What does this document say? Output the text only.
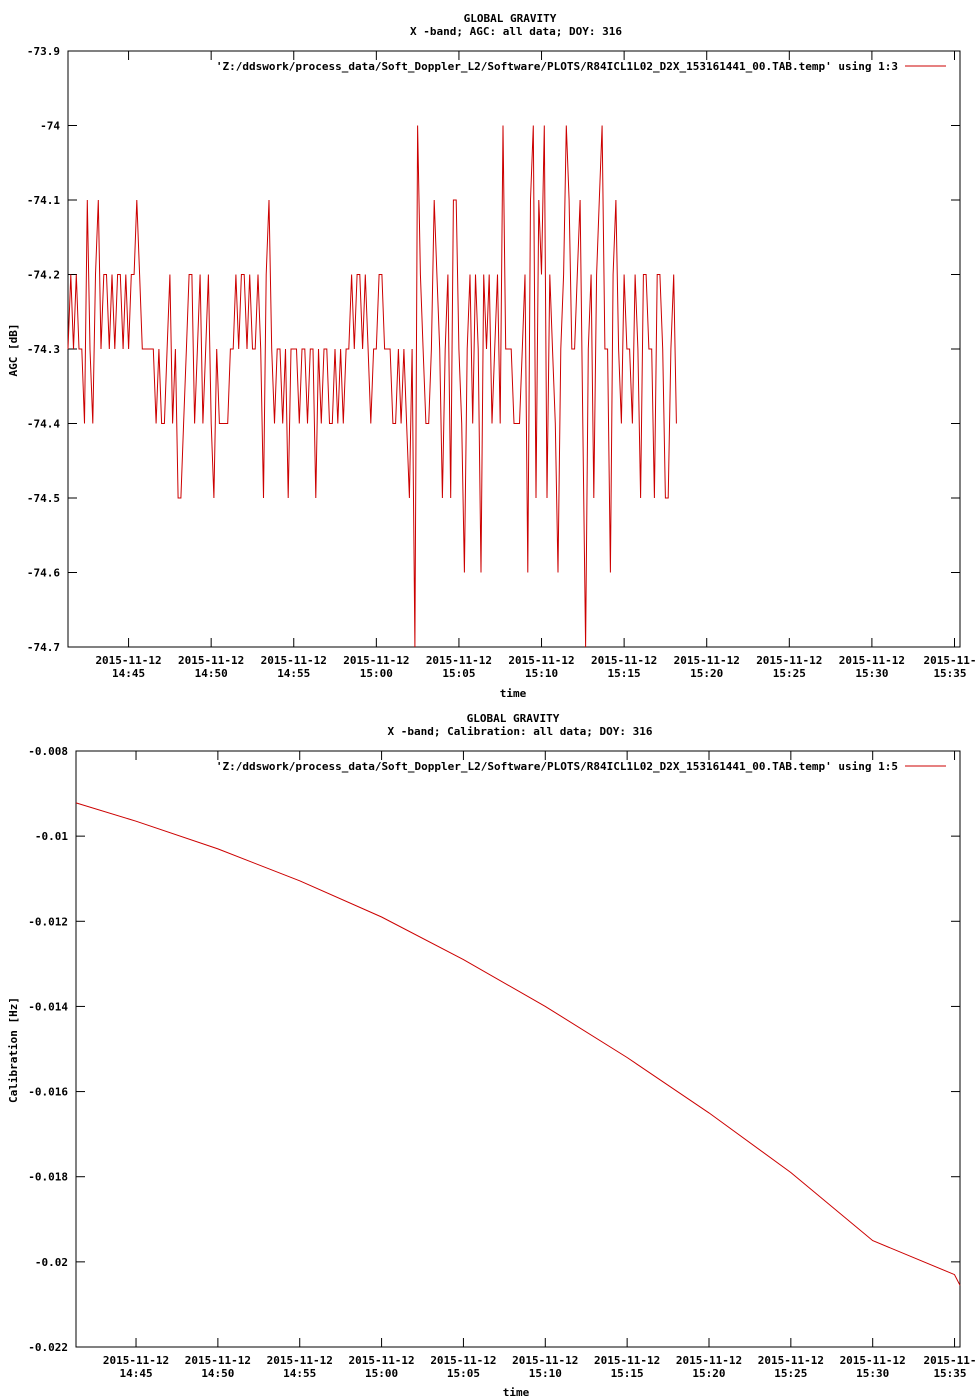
GLOBAL GRAVITY
X -band; AGC: all data; DOY: 316
-73.9
-74
-74.1
-74.2
-74.3
-74.4
-74.5
-74.6
-74.7
2015-11-12
14:45
2015-11-12
14:50
2015-11-12
14:55
2015-11-12
15:00
2015-11-12
15:05
2015-11-12
15:10
2015-11-12
15:15
2015-11-12
15:20
2015-11-12
15:25
2015-11-12
15:30
2015-11-
15:35
AGC [dB]
time
'Z:/ddswork/process_data/Soft_Doppler_L2/Software/PLOTS/R84ICL1L02_D2X_153161441_00.TAB.temp' using 1:3
GLOBAL GRAVITY
X -band; Calibration: all data; DOY: 316
-0.008
-0.01
-0.012
-0.014
-0.016
-0.018
-0.02
-0.022
2015-11-12
14:45
2015-11-12
14:50
2015-11-12
14:55
2015-11-12
15:00
2015-11-12
15:05
2015-11-12
15:10
2015-11-12
15:15
2015-11-12
15:20
2015-11-12
15:25
2015-11-12
15:30
2015-11-
15:35
Calibration [Hz]
time
'Z:/ddswork/process_data/Soft_Doppler_L2/Software/PLOTS/R84ICL1L02_D2X_153161441_00.TAB.temp' using 1:5
